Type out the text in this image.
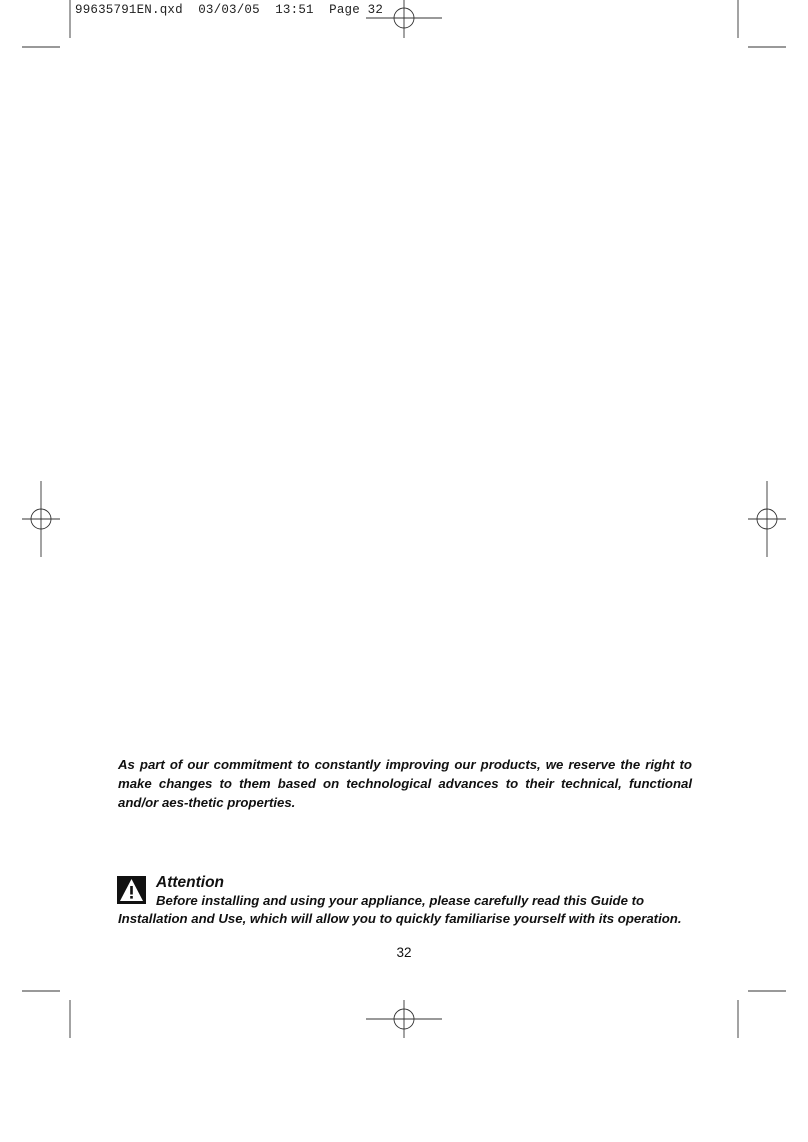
99635791EN.qxd  03/03/05  13:51  Page 32

As part of our commitment to constantly improving our products, we reserve the right to make changes to them based on technological advances to their technical, functional and/or aes-thetic properties.

Attention

Before installing and using your appliance, please carefully read this Guide to Installation and Use, which will allow you to quickly familiarise yourself with its operation.

32
